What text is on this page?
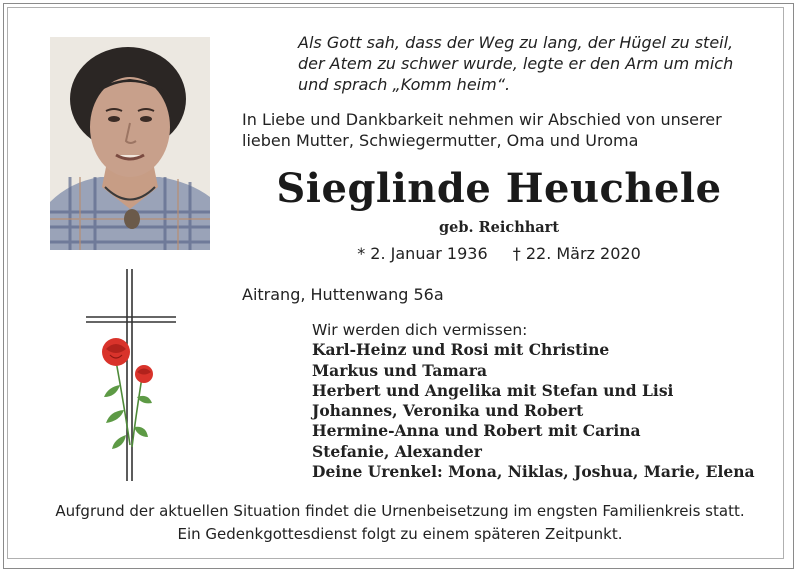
Als Gott sah, dass der Weg zu lang, der Hügel zu steil,
der Atem zu schwer wurde, legte er den Arm um mich
und sprach „Komm heim“.
In Liebe und Dankbarkeit nehmen wir Abschied von unserer
lieben Mutter, Schwiegermutter, Oma und Uroma
Sieglinde Heuchele
geb. Reichhart
* 2. Januar 1936 † 22. März 2020
Aitrang, Huttenwang 56a
Wir werden dich vermissen:
Karl-Heinz und Rosi mit Christine
Markus und Tamara
Herbert und Angelika mit Stefan und Lisi
Johannes, Veronika und Robert
Hermine-Anna und Robert mit Carina
Stefanie, Alexander
Deine Urenkel: Mona, Niklas, Joshua, Marie, Elena
Aufgrund der aktuellen Situation findet die Urnenbeisetzung im engsten Familienkreis statt.
Ein Gedenkgottesdienst folgt zu einem späteren Zeitpunkt.
